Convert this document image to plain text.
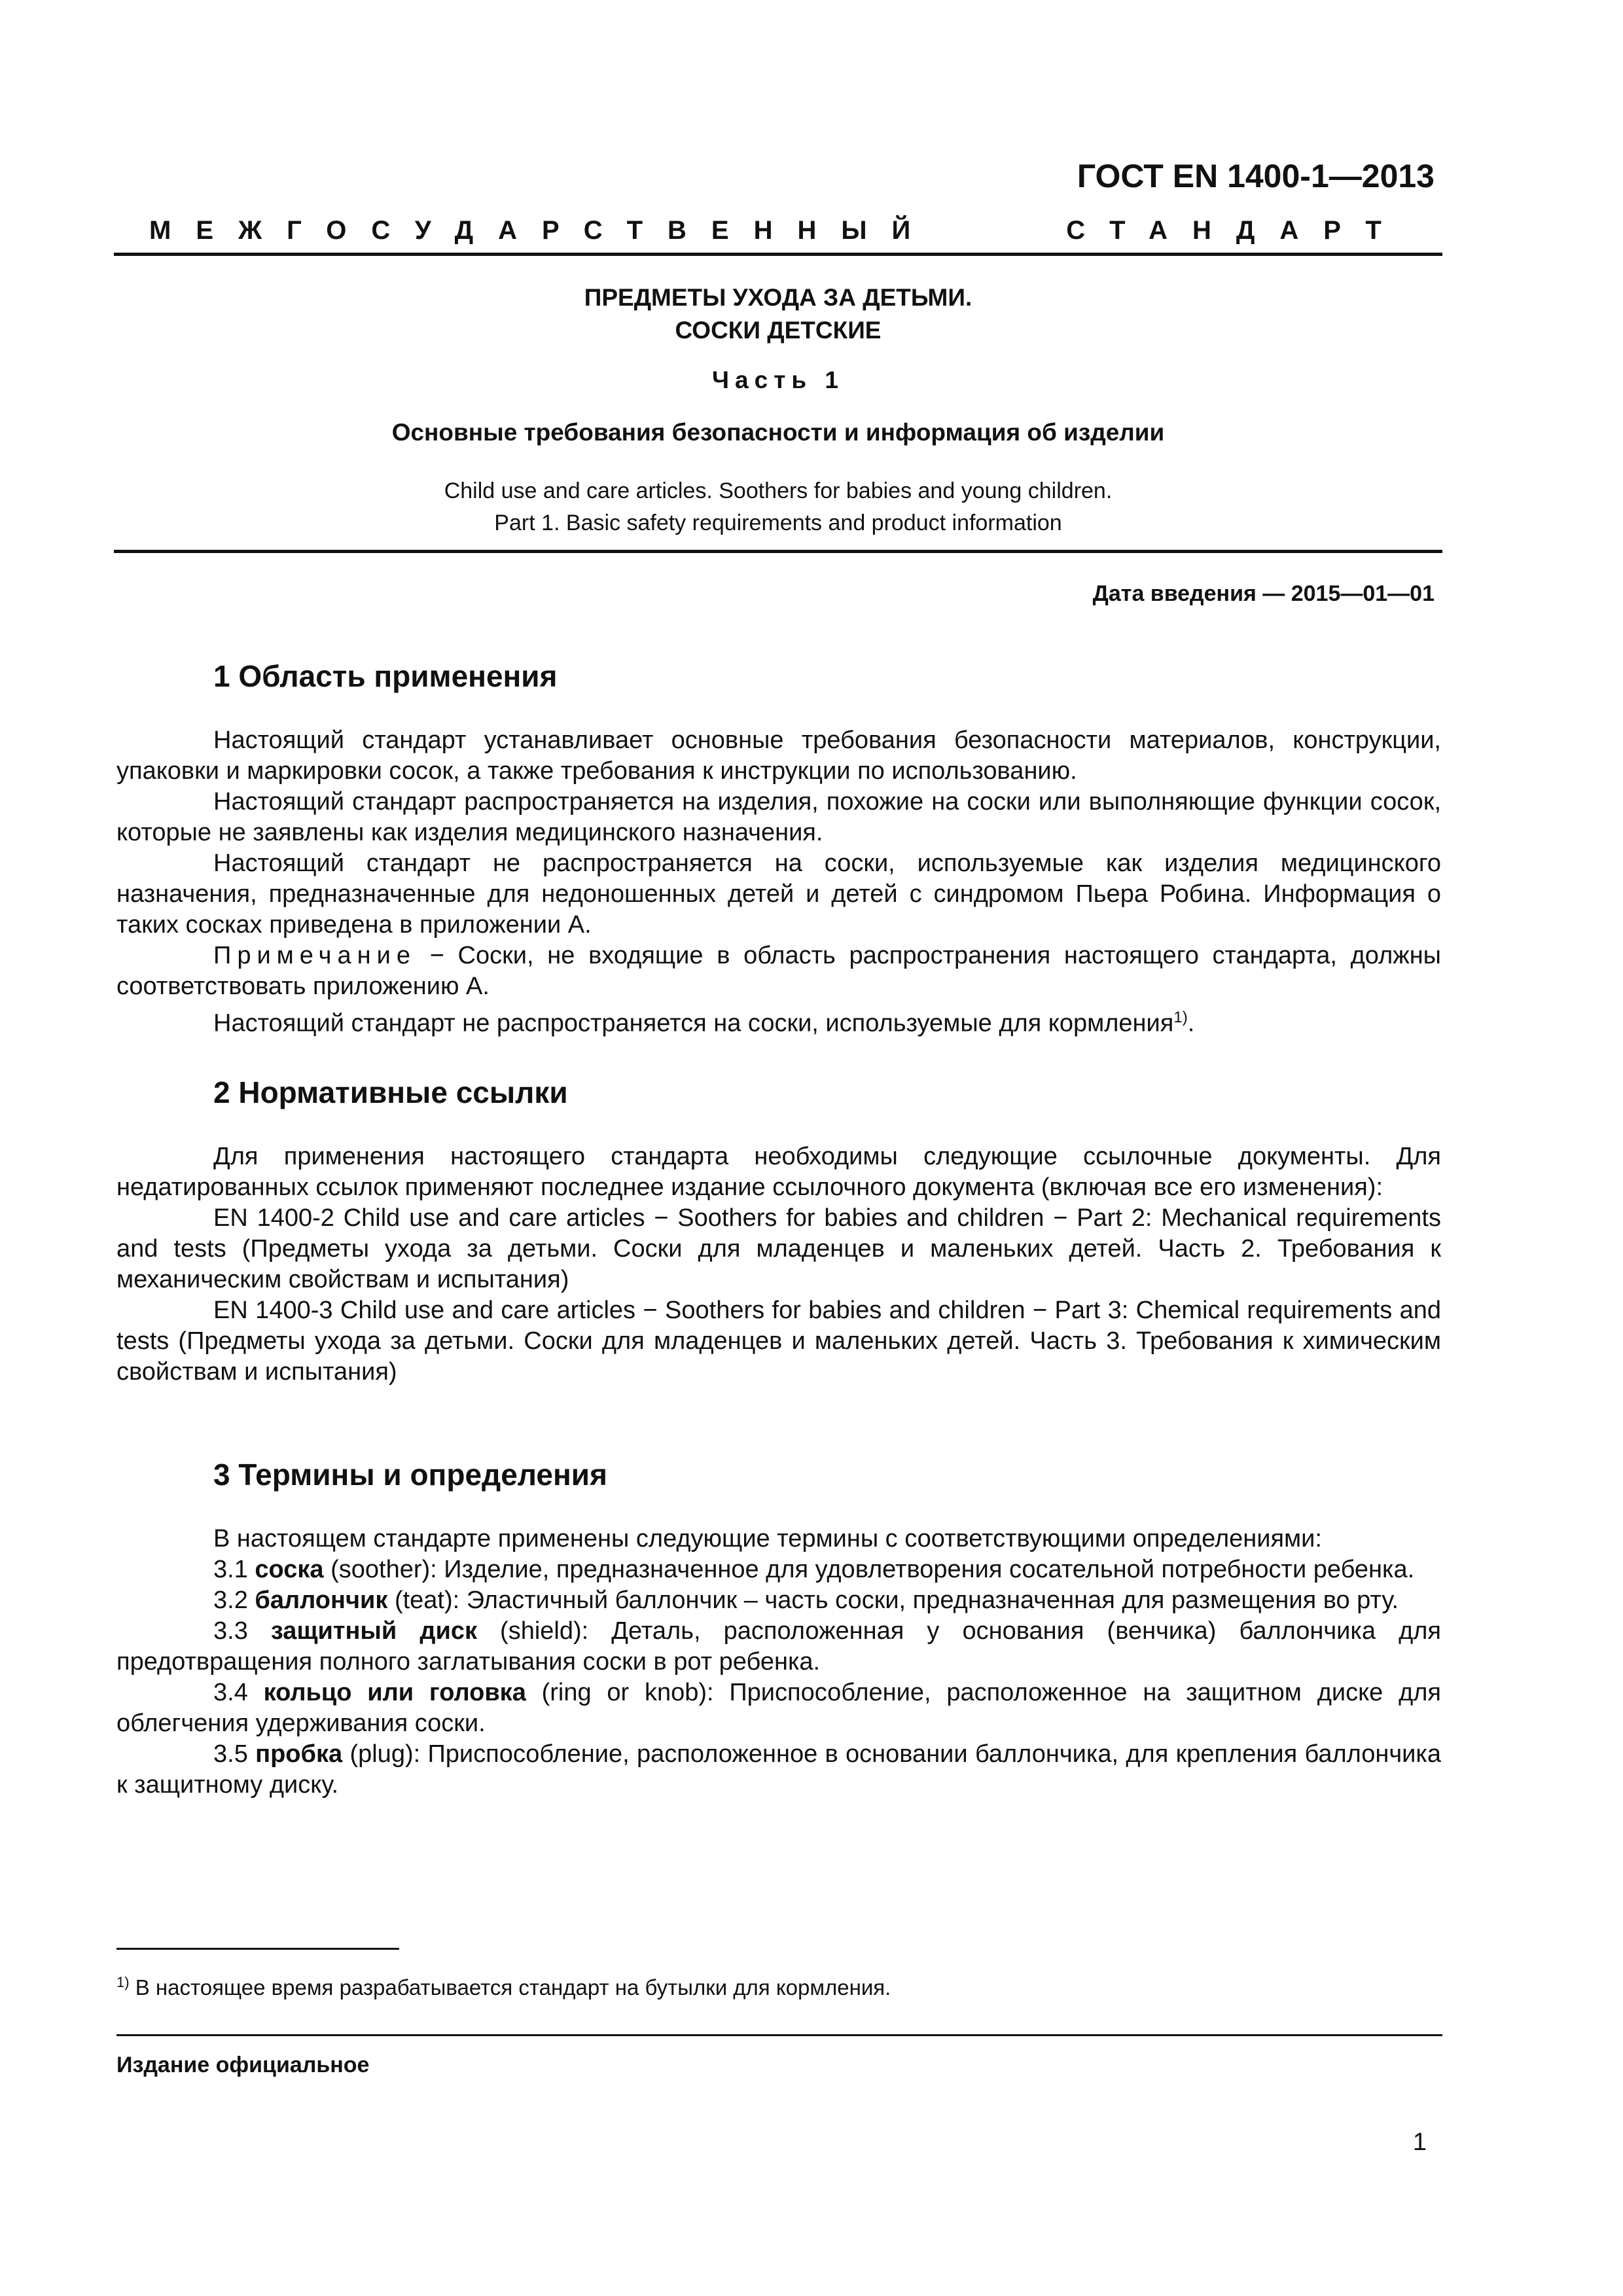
ГОСТ EN 1400-1—2013
МЕЖГОСУДАРСТВЕННЫЙ	СТАНДАРТ
ПРЕДМЕТЫ УХОДА ЗА ДЕТЬМИ.
СОСКИ ДЕТСКИЕ
Часть 1
Основные требования безопасности и информация об изделии
Child use and care articles. Soothers for babies and young children.
Part 1. Basic safety requirements and product information
Дата введения — 2015—01—01
1 Область применения
Настоящий стандарт устанавливает основные требования безопасности материалов, конструкции, упаковки и маркировки сосок, а также требования к инструкции по использованию.
Настоящий стандарт распространяется на изделия, похожие на соски или выполняющие функции сосок, которые не заявлены как изделия медицинского назначения.
Настоящий стандарт не распространяется на соски, используемые как изделия медицинского назначения, предназначенные для недоношенных детей и детей с синдромом Пьера Робина. Информация о таких сосках приведена в приложении А.
Примечание − Соски, не входящие в область распространения настоящего стандарта, должны соответствовать приложению А.
Настоящий стандарт не распространяется на соски, используемые для кормления$^{1)}$.
2 Нормативные ссылки
Для применения настоящего стандарта необходимы следующие ссылочные документы. Для недатированных ссылок применяют последнее издание ссылочного документа (включая все его изменения):
EN 1400-2 Child use and care articles − Soothers for babies and children − Part 2: Mechanical requirements and tests (Предметы ухода за детьми. Соски для младенцев и маленьких детей. Часть 2. Требования к механическим свойствам и испытания)
EN 1400-3 Child use and care articles − Soothers for babies and children − Part 3: Chemical requirements and tests (Предметы ухода за детьми. Соски для младенцев и маленьких детей. Часть 3. Требования к химическим свойствам и испытания)
3 Термины и определения
В настоящем стандарте применены следующие термины с соответствующими определениями:
3.1 соска (soother): Изделие, предназначенное для удовлетворения сосательной потребности ребенка.
3.2 баллончик (teat): Эластичный баллончик – часть соски, предназначенная для размещения во рту.
3.3 защитный диск (shield): Деталь, расположенная у основания (венчика) баллончика для предотвращения полного заглатывания соски в рот ребенка.
3.4 кольцо или головка (ring or knob): Приспособление, расположенное на защитном диске для облегчения удерживания соски.
3.5 пробка (plug): Приспособление, расположенное в основании баллончика, для крепления баллончика к защитному диску.
$^{1)}$ В настоящее время разрабатывается стандарт на бутылки для кормления.
Издание официальное
1
